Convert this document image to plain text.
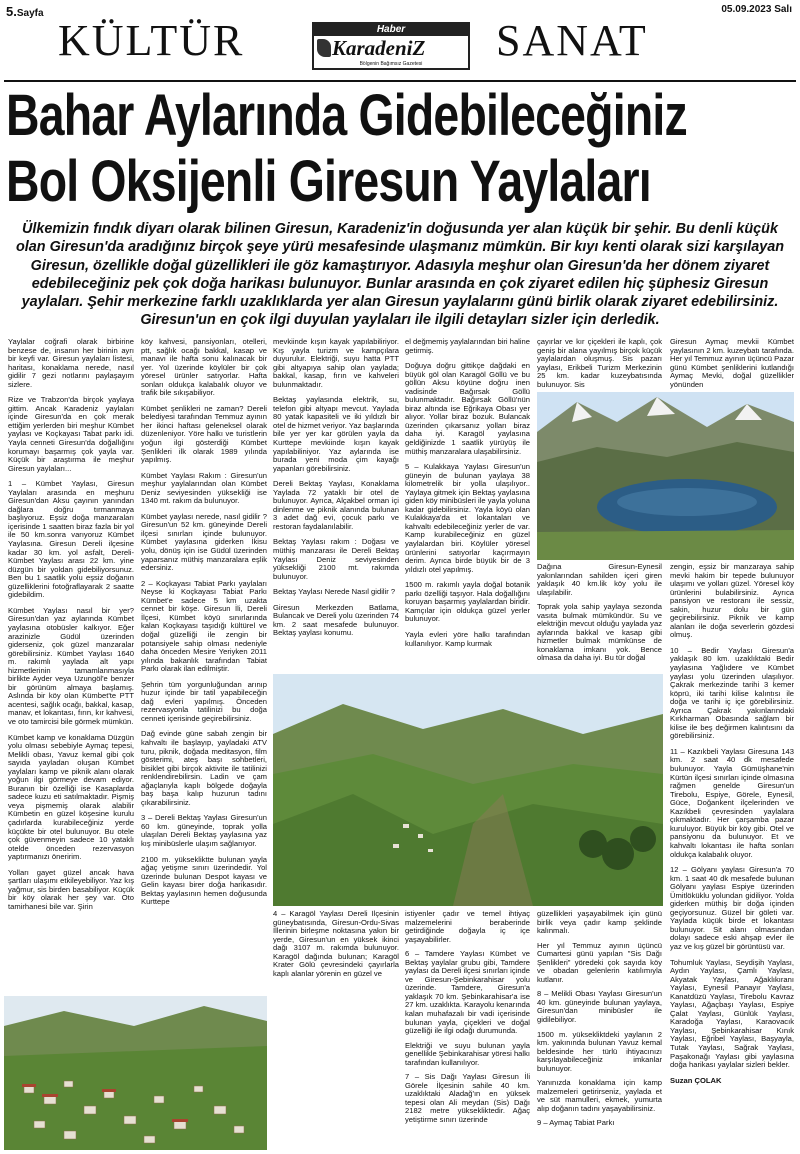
5.Sayfa	05.09.2023 Salı
KÜLTÜR	SANAT
Haber
KaradeniZ
Bölgenin Bağımsız Gazetesi
Bahar Aylarında Gidebileceğiniz
Bol Oksijenli Giresun Yaylaları
Ülkemizin fındık diyarı olarak bilinen Giresun, Karadeniz'in doğusunda yer alan küçük bir şehir. Bu denli küçük olan Giresun'da aradığınız birçok şeye yürü mesafesinde ulaşmanız mümkün. Bir kıyı kenti olarak sizi karşılayan Giresun, özellikle doğal güzellikleri ile göz kamaştırıyor. Adasıyla meşhur olan Giresun'da her dönem ziyaret edebileceğiniz pek çok doğa harikası bulunuyor. Bunlar arasında en çok ziyaret edilen hiç şüphesiz Giresun yaylaları. Şehir merkezine farklı uzaklıklarda yer alan Giresun yaylalarını günü birlik olarak ziyaret edebilirsiniz. Giresun'un en çok ilgi duyulan yaylaları ile ilgili detayları sizler için derledik.

Yaylalar coğrafi olarak birbirine benzese de, insanın her birinin ayrı bir keyfi var. Giresun yaylaları listesi, haritası, konaklama nerede, nasıl gidilir 7 gezi notlarını paylaşayım sizlere.

Rize ve Trabzon'da birçok yaylaya gittim. Ancak Karadeniz yaylaları içinde Giresun'da en çok merak ettiğim yerlerden biri meşhur Kümbet yaylası ve Koçkayası Tabat parkı idi. Yayla cenneti Giresun'da doğallığını korumayı başarmış çok yayla var. Küçük bir araştırma ile meşhur Giresun yaylaları...

1 – Kümbet Yaylası, Giresun Yaylaları arasında en meşhuru Giresun'dan Aksu çayının yanından dağlara doğru tırmanmaya başlıyoruz. Eşsiz doğa manzaraları içerisinde 1 saatten biraz fazla bir yol ile 50 km.sonra varıyoruz Kümbet Yaylasına. Giresun Dereli ilçesine kadar 30 km. yol asfalt, Dereli-Kümbet Yaylası arası 22 km. yine düzgün bir yoldan gidebiliyorsunuz. Ben bu 1 saatlik yolu eşsiz doğanın güzelliklerini fotoğraflayarak 2 saatte gidebildim.

Kümbet Yaylası nasıl bir yer? Giresun'dan yaz aylarında Kümbet yaylasına otobüsler kalkıyor. Eğer arazinizle Güdül üzerinden giderseniz, çok güzel manzaralar görebilirsiniz. Kümbet Yaylası 1640 m. rakımlı yaylada alt yapı hizmetlerinin tamamlanmasıyla birlikte Ayder veya Uzungöl'e benzer bir görünüm almaya başlamış. Aslında bir köy olan Kümbet'te PTT acentesi, sağlık ocağı, bakkal, kasap, manav, et lokantası, fırın, kır kahvesi, ve oto tamircisi bile görmek mümkün.

Kümbet kamp ve konaklama Düzgün yolu olması sebebiyle Aymaç tepesi, Melikli obası, Yavuz kemal gibi çok sayıda yayladan oluşan Kümbet yaylaları kamp ve piknik alanı olarak yoğun ilgi görmeye devam ediyor. Buranın bir özelliği ise Kasaplarda sadece kuzu eti satılmaktadır. Pişmiş veya pişmemiş olarak alabilir Kümbetin en güzel köşesine kurulu çadırlarda kurabileceğiniz yerde küçükte bir otel bulunuyor. Bu otele çok güvenmeyin sadece 10 yataklı otelde önceden rezervasyon yaptırmanızı öneririm.

Yolları gayet güzel ancak hava şartları ulaşımı etkileyebiliyor. Yaz kış yağmur, sis birden basabiliyor. Küçük bir köy olarak her şey var. Oto tamirhanesi bile var. Şirin

köy kahvesi, pansiyonları, otelleri, ptt, sağlık ocağı bakkal, kasap ve manavı ile hafta sonu kalınacak bir yer. Yol üzerinde köylüler bir çok yöresel ürünler satıyorlar. Hafta sonları oldukça kalabalık oluyor ve trafik bile sıkışabiliyor.

Kümbet şenlikleri ne zaman? Dereli belediyesi tarafından Temmuz ayının her ikinci haftası geleneksel olarak düzenleniyor. Yöre halkı ve turistlerin yoğun ilgi gösterdiği Kümbet Şenlikleri ilk olarak 1989 yılında yapılmış.

Kümbet Yaylası Rakım : Giresun'un meşhur yaylalarından olan Kümbet Deniz seviyesinden yüksekliği ise 1340 mt. rakım da bulunuyor.

Kümbet yaylası nerede, nasıl gidilir ? Giresun'un 52 km. güneyinde Dereli ilçesi sınırları içinde bulunuyor. Kümbet yaylasına giderken İkisu yolu, dönüş için ise Güdül üzerinden yaparsanız müthiş manzaralara eşlik edersiniz.

2 – Koçkayası Tabiat Parkı yaylaları Neyse ki Koçkayası Tabiat Parkı Kümbet'e sadece 5 km uzakta cennet bir köşe. Giresun İli, Dereli İlçesi, Kümbet köyü sınırlarında kalan Koçkayası taşıdığı kültürel ve doğal güzelliği ile zengin bir potansiyele sahip olması nedeniyle daha önceden Mesire Yeriyken 2011 yılında bakanlık tarafından Tabiat Parkı olarak ilan edilmiştir.

Şehrin tüm yorgunluğundan arınıp huzur içinde bir tatil yapabileceğin dağ evleri yapılmış. Önceden rezervasyonla tatilinizi bu doğa cenneti içerisinde geçirebilirsiniz.

Dağ evinde güne sabah zengin bir kahvaltı ile başlayıp, yayladaki ATV turu, piknik, doğada meditasyon, film gösterimi, ateş başı sohbetleri, bisiklet gibi birçok aktivite ile tatilinizi renklendirebilirsin. Ladin ve çam ağaçlarıyla kaplı bölgede doğayla baş başa kalıp huzurun tadını çıkarabilirsiniz.

3 – Dereli Bektaş Yaylası Giresun'un 60 km. güneyinde, toprak yolla ulaşılan Dereli Bektaş yaylasına yaz kış minibüslerle ulaşım sağlanıyor.

2100 m. yüksekliktte bulunan yayla ağaç yetişme sınırı üzerindedir. Yol üzerinde bulunan Despot kayası ve Gelin kayası birer doğa harikasıdır. Bektaş yaylasının hemen doğusunda Kurttepe

mevkiinde kışın kayak yapılabiliriyor. Kış yayla turizm ve kampçılara duyurulur. Elektriği, suyu hatta PTT gibi altyapıya sahip olan yaylada; bakkal, kasap, fırın ve kahveleri bulunmaktadır.

Bektaş yaylasında elektrik, su, telefon gibi altyapı mevcut. Yaylada 80 yatak kapasiteli ve iki yıldızlı bir otel de hizmet veriyor. Yaz başlarında bile yer yer kar görülen yayla da Kurttepe mevkiinde kışın kayak yapılabiliniyor. Yaz aylarında ise burada yeni moda çim kayağı yapanları görebilirsiniz.

Dereli Bektaş Yaylası, Konaklama Yaylada 72 yataklı bir otel de bulunuyor. Ayrıca, Alçakbel orman içi dinlenme ve piknik alanında bulunan 3 adet dağ evi, çocuk parkı ve restoran faydalanılabilir.

Bektaş Yaylası rakım : Doğası ve müthiş manzarası ile Dereli Bektaş Yaylası Deniz seviyesinden yüksekliği 2100 mt. rakımda bulunuyor.

Bektaş Yaylası Nerede Nasıl gidilir ?

Giresun Merkezden Batlama, Bulancak ve Dereli yolu üzerinden 74 km. 2 saat mesafede bulunuyor. Bektaş yaylası konumu.

el değmemiş yaylalarından biri haline getirmiş.

Doğuya doğru gittikçe dağdaki en büyük göl olan Karagöl Göllü ve bu göllün Aksu köyüne doğru inen vadisinde Bağırsak Göllü bulunmaktadır. Bağırsak Göllü'nün biraz altında ise Eğrikaya Obası yer alıyor. Yollar biraz bozuk. Bulancak üzerinden çıkarsanız yolları biraz daha iyi. Karagöl yaylasına geldiğinizde 1 saatlik yürüyüş ile müthiş manzaralara ulaşabilirsiniz.

5 – Kulakkaya Yaylası Giresun'un güneyin de bulunan yaylaya 38 kilometrelik bir yolla ulaşılıyor.. Yaylaya gitmek için Bektaş yaylasına giden köy minibüsleri ile yayla yoluna kadar gidebilirsiniz. Yayla köyü olan Kulakkaya'da et lokantaları ve kahvaltı edebileceğiniz yerler de var. Kamp kurabileceğiniz en güzel yaylalardan biri. Köylüler yöresel ürünlerini satıyorlar kaçırmayın derim. Ayrıca birde büyük bir de 3 yıldızlı otel yapılmış.

1500 m. rakımlı yayla doğal botanik parkı özelliği taşıyor. Hala doğallığını koruyan başarmış yaylalardan biridir. Kamçılar için oldukça güzel yerler bulunuyor.

Yayla evleri yöre halkı tarafından kullanılıyor. Kamp kurmak

çayırlar ve kır çiçekleri ile kaplı, çok geniş bir alana yayılmış birçok küçük yaylalardan oluşmuş. Sis pazarı yaylası, Erikbeli Turizm Merkezinin 25 km. kadar kuzeybatısında bulunuyor. Sis

Giresun Aymaç mevkii Kümbet yaylasının 2 km. kuzeybatı tarafında. Her yıl Temmuz ayının üçüncü Pazar günü Kümbet şenliklerini kutlandığı Aymaç Mevki, doğal güzellikler yönünden

Dağına Giresun-Eynesil yakınlarından sahilden içeri giren yaklaşık 40 km.lik köy yolu ile ulaşılabilir.

Toprak yola sahip yaylaya sezonda vasıta bulmak mümkündür. Su ve elektriğin mevcut olduğu yaylada yaz aylarında bakkal ve kasap gibi hizmetler bulmak mümkünse de konaklama imkanı yok. Bence olmasa da daha iyi. Bu tür doğal

zengin, eşsiz bir manzaraya sahip mevki hakim bir tepede bulunuyor ulaşımı ve yolları güzel. Yöresel köy ürünlerini bulabilirsiniz. Ayrıca pansiyon ve restoranı ile sessiz, sakin, huzur dolu bir gün geçirebilirsiniz. Piknik ve kamp alanları ile doğa severlerin gözdesi olmuş.

10 – Bedir Yaylası Giresun'a yaklaşık 80 km. uzaklıktaki Bedir yaylasına Yağlıdere ve Kümbet yaylası yolu üzerinden ulaşılıyor. Çakrak merkezinde tarihi 3 kemer köprü, iki tarihi kilise kalıntısı ile doğa ve tarihi iç içe görebilirsiniz. Ayrıca Çakrak yakınlarındaki Kırkharman Obasında sağlam bir kilise ile beş değirmen kalıntısını da görebilirsiniz.

11 – Kazıkbeli Yaylası Giresuna 143 km. 2 saat 40 dk mesafede bulunuyor. Yayla Gümüşhane'nin Kürtün ilçesi sınırları içinde olmasına rağmen genelde Giresun'un Tirebolu, Espiye, Görele, Eynesil, Güce, Doğankent ilçelerinden ve Kazıkbeli çevresinden yaylalara çıkmaktadır. Her çarşamba pazar kuruluyor. Büyük bir köy gibi. Otel ve pansiyonu da bulunuyor. Et ve kahvaltı lokantası ile hafta sonları oldukça kalabalık oluyor.

12 – Gölyanı yaylası Giresun'a 70 km. 1 saat 40 dk mesafede bulunan Gölyanı yaylası Espiye üzerinden Ümitlöküklu yolundan gidiliyor. Yolda giderken müthiş bir doğa içinden geçiyorsunuz. Güzel bir göleti var. Yaylada küçük birde et lokantası bulunuyor. Sit alanı olmasından dolayı sadece eski ahşap evler ile yaz ve kış güzel bir görüntüsü var.

Tohumluk Yaylası, Seydişih Yaylası, Aydın Yaylası, Çamlı Yaylası, Akyatak Yaylası, Ağaklıkıranı Yaylası, Eynesil Panayır Yaylası, Kanatdüzü Yaylası, Tirebolu Kavraz Yaylası, Ağaçbaşı Yaylası, Espiye Çalat Yaylası, Günlük Yaylası, Karadoğa Yaylası, Karaovacık Yaylası, Şebinkarahisar Kınık Yaylası, Eğribel Yaylası, Başyayla, Tutak Yaylası, Sağrak Yaylası, Paşakonağı Yaylası gibi yaylasına doğa harikası yaylalar sizleri bekler.

Suzan ÇOLAK

4 – Karagöl Yaylası Dereli İlçesinin güneybatısında, Giresun-Ordu-Sivas İllerinin birleşme noktasına yakın bir yerde, Giresun'un en yüksek ikinci dağı 3107 m. rakımda bulunuyor. Karagöl dağında bulunan; Karagöl Krater Gölü çevresindeki çayırlarla kaplı alanlar yörenin en güzel ve

istiyenler çadır ve temel ihtiyaç malzemelerini beraberinde getirdiğinde doğayla iç içe yaşayabilirler.

6 – Tamdere Yaylası Kümbet ve Bektaş yaylalar grubu gibi, Tamdere yaylası da Dereli ilçesi sınırları içinde ve Giresun-Şebinkarahisar yolu üzerinde. Tamdere, Giresun'a yaklaşık 70 km. Şebinkarahisar'a ise 27 km. uzaklıkta. Karayolu kenarında kalan muhafazalı bir vadi içerisinde bulunan yayla, çiçekleri ve doğal güzelliği ile ilgi odağı durumunda.

Elektriği ve suyu bulunan yayla genellikle Şebinkarahisar yöresi halkı tarafından kullanılıyor.

7 – Sis Dağı Yaylası Giresun İli Görele İlçesinin sahile 40 km. uzaklıktaki Aladağ'ın en yüksek tepesi olan Ali meydan (Sis) Dağı 2182 metre yüksekliktedir. Ağaç yetiştirme sınırı üzerinde

güzellikleri yaşayabilmek için günü birlik veya çadır kamp şeklinde kalınmalı.

Her yıl Temmuz ayının üçüncü Cumartesi günü yapılan "Sis Dağı Şenlikleri" yöredeki çok sayıda köy ve obadan gelenlerin katılımıyla kutlanır.

8 – Melikli Obası Yaylası Giresun'un 40 km. güneyinde bulunan yaylaya, Giresun'dan minibüsler ile gidilebiliyor.

1500 m. yüksekliktdeki yaylanın 2 km. yakınında bulunan Yavuz kemal beldesinde her türlü ihtiyacınızı karşılayabileceğiniz imkanlar bulunuyor.

Yanınızda konaklama için kamp malzemeleri getirirseniz, yaylada et ve süt mamulleri, ekmek, yumurta alıp doğanın tadını yaşayabilirsiniz.

9 – Aymaç Tabiat Parkı
